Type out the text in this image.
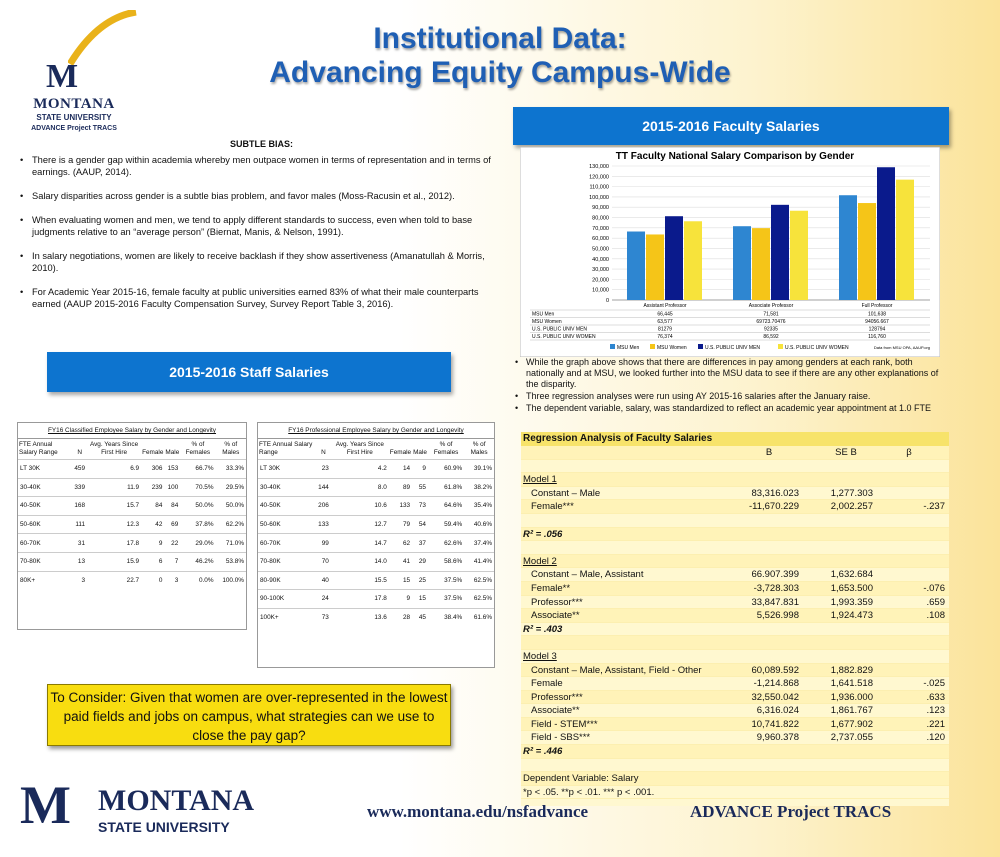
M
MONTANA
STATE UNIVERSITY
ADVANCE Project TRACS
Institutional Data:
Advancing Equity Campus-Wide
2015-2016 Faculty Salaries
SUBTLE BIAS:
• There is a gender gap within academia whereby men outpace women in terms of representation and in terms of earnings. (AAUP, 2014).
• Salary disparities across gender is a subtle bias problem, and favor males (Moss-Racusin et al., 2012).
• When evaluating women and men, we tend to apply different standards to success, even when told to base judgments relative to an “average person” (Biernat, Manis, & Nelson, 1991).
• In salary negotiations, women are likely to receive backlash if they show assertiveness (Amanatullah & Morris, 2010).
• For Academic Year 2015-16, female faculty at public universities earned 83% of what their male counterparts earned (AAUP 2015-2016 Faculty Compensation Survey, Survey Report Table 3, 2016).
2015-2016 Staff Salaries
TT Faculty National Salary Comparison by Gender
0
10,000
20,000
30,000
40,000
50,000
60,000
70,000
80,000
90,000
100,000
110,000
120,000
130,000
Assistant Professor	Associate Professor	Full Professor
MSU Men	66,445	71,581	101,638
MSU Women	63,577	69723.70476	94056.667
U.S. PUBLIC UNIV MEN	81279	92335	128794
U.S. PUBLIC UNIV WOMEN	76,374	86,592	116,760
MSU Men	MSU Women	U.S. PUBLIC UNIV MEN	U.S. PUBLIC UNIV WOMEN	Data from MSU OPA, AAUP.org
• While the graph above shows that there are differences in pay among genders at each rank, both nationally and at MSU, we looked further into the MSU data to see if there are any other explanations of the disparity.
• Three regression analyses were run using AY 2015-16 salaries after the January raise.
• The dependent variable, salary, was standardized to reflect an academic year appointment at 1.0 FTE
Regression Analysis of Faculty Salaries
B	SE B	β
Model 1
Constant – Male	83,316.023	1,277.303
Female***	-11,670.229	2,002.257	-.237
R² = .056
Model 2
Constant – Male, Assistant	66.907.399	1,632.684
Female**	-3,728.303	1,653.500	-.076
Professor***	33,847.831	1,993.359	.659
Associate**	5,526.998	1,924.473	.108
R² = .403
Model 3
Constant – Male, Assistant, Field - Other	60,089.592	1,882.829
Female	-1,214.868	1,641.518	-.025
Professor***	32,550.042	1,936.000	.633
Associate**	6,316.024	1,861.767	.123
Field - STEM***	10,741.822	1,677.902	.221
Field - SBS***	9,960.378	2,737.055	.120
R² = .446
Dependent Variable: Salary
*p < .05. **p < .01. *** p < .001.
FY16 Classified Employee Salary by Gender and Longevity
FTE Annual Salary Range	N	Avg. Years Since First Hire	Female	Male	% of Females	% of Males
LT 30K	459	6.9	306	153	66.7%	33.3%
30-40K	339	11.9	239	100	70.5%	29.5%
40-50K	168	15.7	84	84	50.0%	50.0%
50-60K	111	12.3	42	69	37.8%	62.2%
60-70K	31	17.8	9	22	29.0%	71.0%
70-80K	13	15.9	6	7	46.2%	53.8%
80K+	3	22.7	0	3	0.0%	100.0%
FY16 Professional Employee Salary by Gender and Longevity
FTE Annual Salary Range	N	Avg. Years Since First Hire	Female	Male	% of Females	% of Males
LT 30K	23	4.2	14	9	60.9%	39.1%
30-40K	144	8.0	89	55	61.8%	38.2%
40-50K	206	10.6	133	73	64.6%	35.4%
50-60K	133	12.7	79	54	59.4%	40.6%
60-70K	99	14.7	62	37	62.6%	37.4%
70-80K	70	14.0	41	29	58.6%	41.4%
80-90K	40	15.5	15	25	37.5%	62.5%
90-100K	24	17.8	9	15	37.5%	62.5%
100K+	73	13.6	28	45	38.4%	61.6%
To Consider: Given that women are over-represented in the lowest paid fields and jobs on campus, what strategies can we use to close the pay gap?
M MONTANA
STATE UNIVERSITY
www.montana.edu/nsfadvance	ADVANCE Project TRACS
